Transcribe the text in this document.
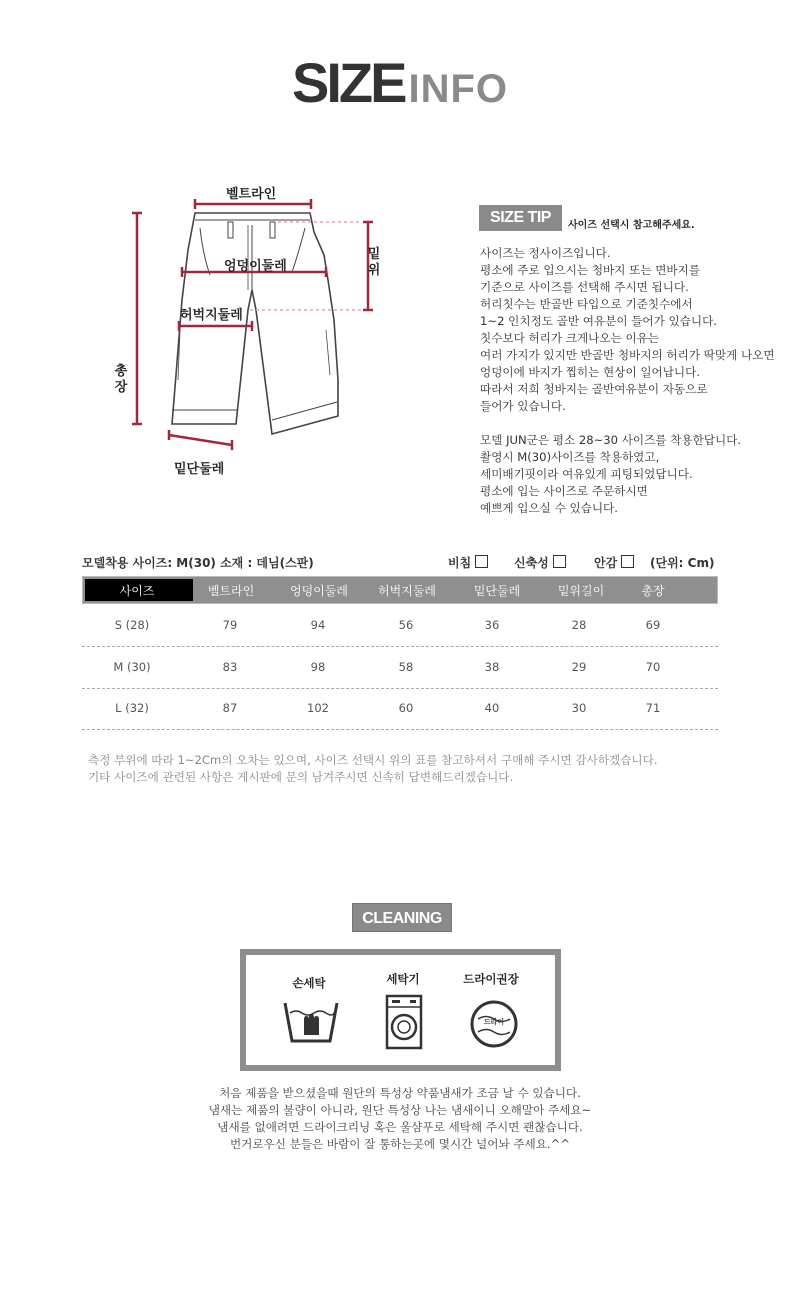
SIZE INFO
벨트라인
엉덩이둘레
허벅지둘레
밑단둘레
밑위
총장
SIZE TIP	사이즈 선택시 참고해주세요.

사이즈는 정사이즈입니다.

평소에 주로 입으시는 청바지 또는 면바지를

기준으로 사이즈를 선택해 주시면 됩니다.

허리칫수는 반골반 타입으로 기준칫수에서

1~2 인치정도 골반 여유분이 들어가 있습니다.

칫수보다 허리가 크게나오는 이유는

여러 가지가 있지만 반골반 청바지의 허리가 딱맞게 나오면

엉덩이에 바지가 찝히는 현상이 일어납니다.

따라서 저희 청바지는 골반여유분이 자동으로

들어가 있습니다.

모델 JUN군은 평소 28~30 사이즈를 착용한답니다.

촬영시 M(30)사이즈를 착용하였고,

세미배기핏이라 여유있게 피팅되었답니다.

평소에 입는 사이즈로 주문하시면

예쁘게 입으실 수 있습니다.

모델착용 사이즈: M(30) 소재 : 데님(스판)	비침	신축성	안감	(단위: Cm)
사이즈	벨트라인	엉덩이둘레	허벅지둘레	밑단둘레	밑위길이	총장
S (28)	79	94	56	36	28	69
M (30)	83	98	58	38	29	70
L (32)	87	102	60	40	30	71

측정 부위에 따라 1~2Cm의 오차는 있으며, 사이즈 선택시 위의 표를 참고하셔서 구매해 주시면 감사하겠습니다.

기타 사이즈에 관련된 사항은 게시판에 문의 남겨주시면 신속히 답변해드리겠습니다.

CLEANING
손세탁	세탁기	드라이권장
드라이

처음 제품을 받으셨을때 원단의 특성상 약품냄새가 조금 날 수 있습니다.

냄새는 제품의 불량이 아니라, 원단 특성상 나는 냄새이니 오해말아 주세요~

냄새를 없애려면 드라이크리닝 혹은 울샴푸로 세탁해 주시면 괜찮습니다.

번거로우신 분들은 바람이 잘 통하는곳에 몇시간 널어놔 주세요.^^
